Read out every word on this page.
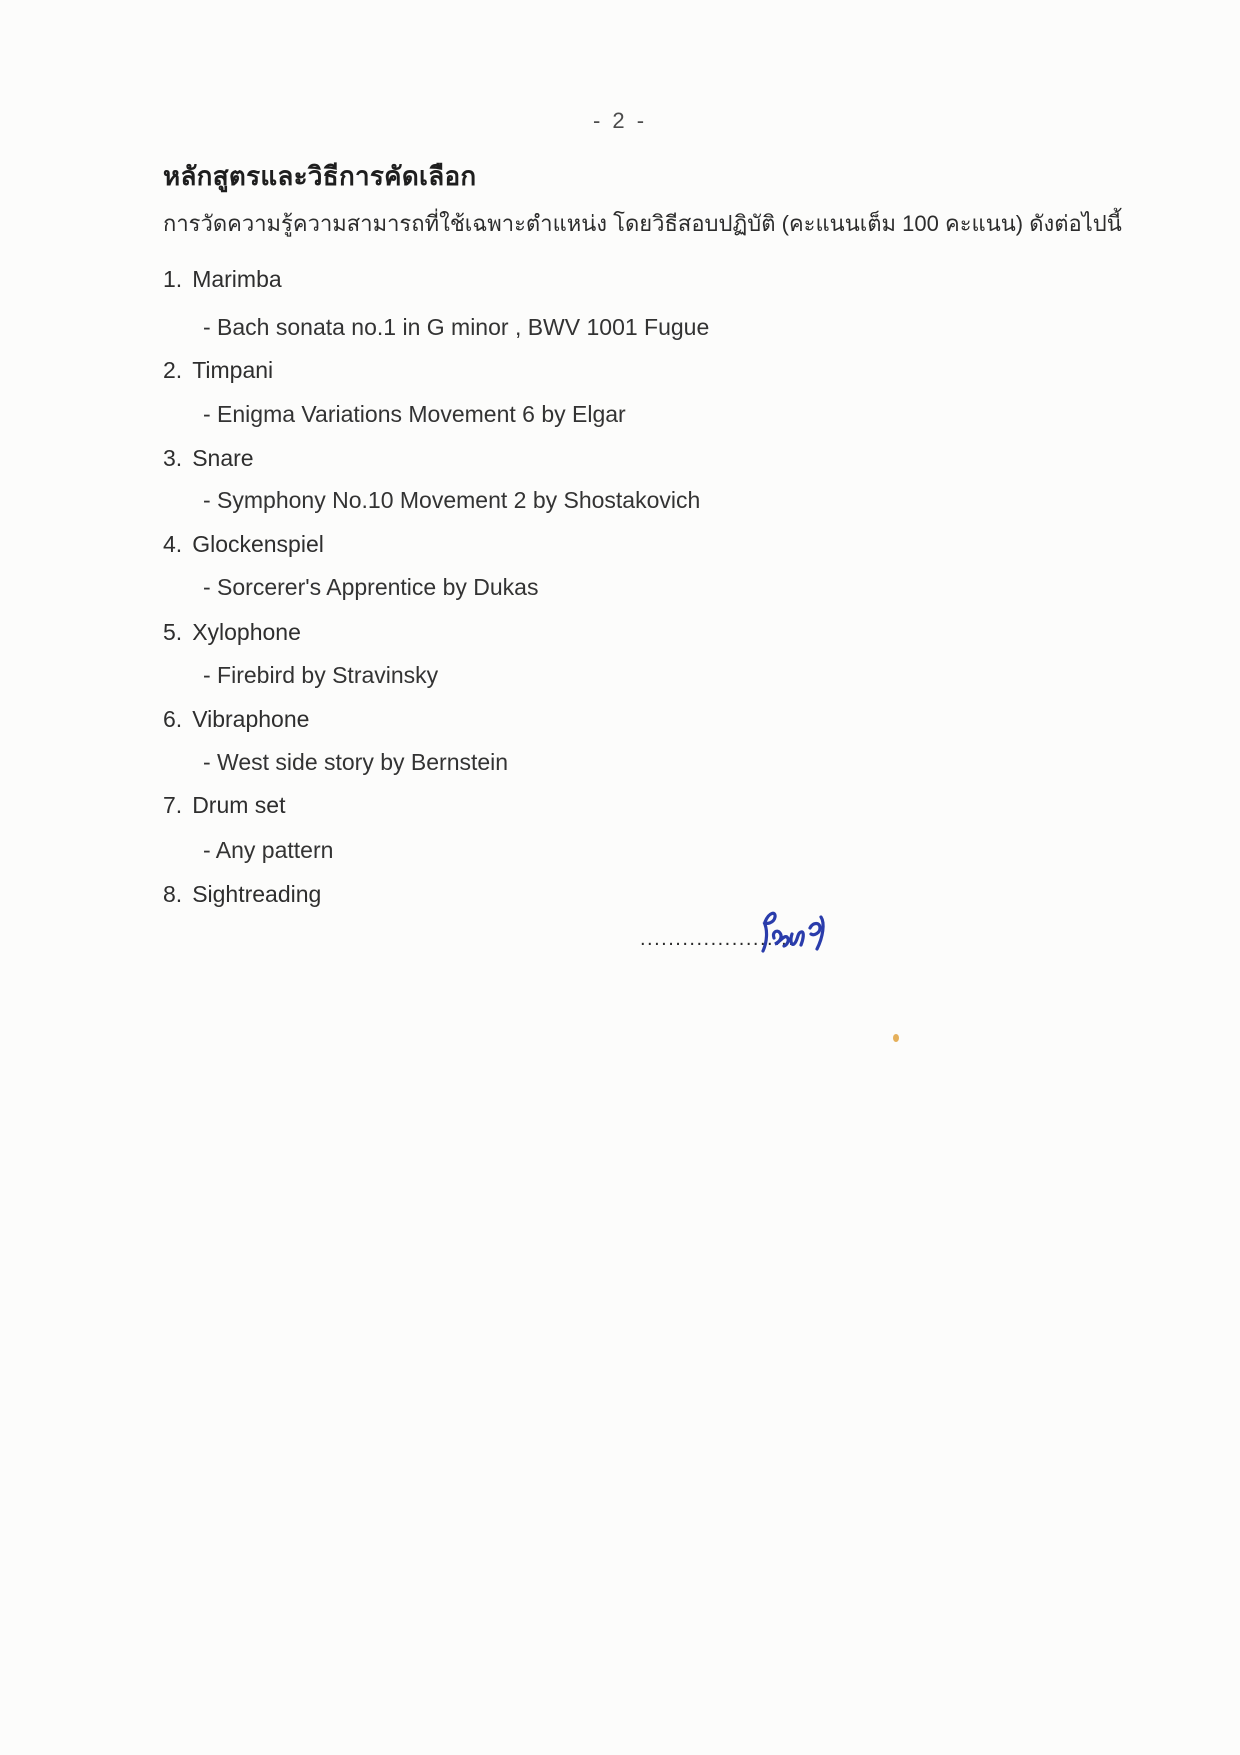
- 2 -
หลักสูตรและวิธีการคัดเลือก
การวัดความรู้ความสามารถที่ใช้เฉพาะตำแหน่ง โดยวิธีสอบปฏิบัติ (คะแนนเต็ม 100 คะแนน) ดังต่อไปนี้
1. Marimba
- Bach sonata no.1 in G minor , BWV 1001 Fugue
2. Timpani
- Enigma Variations Movement 6 by Elgar
3. Snare
- Symphony No.10 Movement 2 by Shostakovich
4. Glockenspiel
- Sorcerer's Apprentice by Dukas
5. Xylophone
- Firebird by Stravinsky
6. Vibraphone
- West side story by Bernstein
7. Drum set
- Any pattern
8. Sightreading
......................
